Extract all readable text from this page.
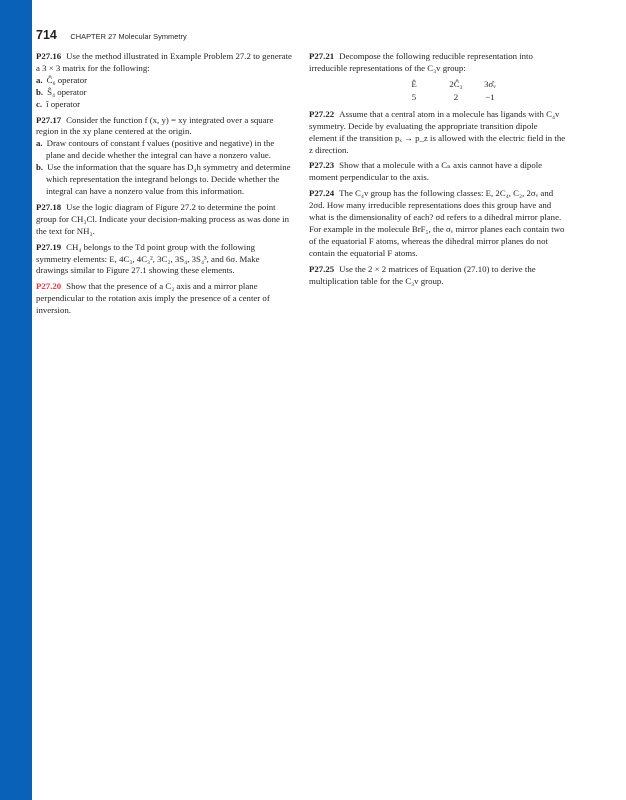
714 CHAPTER 27 Molecular Symmetry
P27.16 Use the method illustrated in Example Problem 27.2 to generate a 3 × 3 matrix for the following:
a. Ĉ₆ operator
b. Ŝ₄ operator
c. î operator
P27.17 Consider the function f (x, y) = xy integrated over a square region in the xy plane centered at the origin.
a. Draw contours of constant f values (positive and negative) in the plane and decide whether the integral can have a nonzero value.
b. Use the information that the square has D₄h symmetry and determine which representation the integrand belongs to. Decide whether the integral can have a nonzero value from this information.
P27.18 Use the logic diagram of Figure 27.2 to determine the point group for CH₃Cl. Indicate your decision-making process as was done in the text for NH₃.
P27.19 CH₄ belongs to the Td point group with the following symmetry elements: E, 4C₃, 4C₃², 3C₂, 3S₄, 3S₄³, and 6σ. Make drawings similar to Figure 27.1 showing these elements.
P27.20 Show that the presence of a C₂ axis and a mirror plane perpendicular to the rotation axis imply the presence of a center of inversion.
P27.21 Decompose the following reducible representation into irreducible representations of the C₃v group:
Ê	2Ĉ₃	3σ̂ᵥ
5	2	−1
P27.22 Assume that a central atom in a molecule has ligands with C₄v symmetry. Decide by evaluating the appropriate transition dipole element if the transition pₓ → p_z is allowed with the electric field in the z direction.
P27.23 Show that a molecule with a Cₙ axis cannot have a dipole moment perpendicular to the axis.
P27.24 The C₄v group has the following classes: E, 2C₄, C₂, 2σᵥ and 2σd. How many irreducible representations does this group have and what is the dimensionality of each? σd refers to a dihedral mirror plane. For example in the molecule BrF₅, the σᵥ mirror planes each contain two of the equatorial F atoms, whereas the dihedral mirror planes do not contain the equatorial F atoms.
P27.25 Use the 2 × 2 matrices of Equation (27.10) to derive the multiplication table for the C₃v group.
